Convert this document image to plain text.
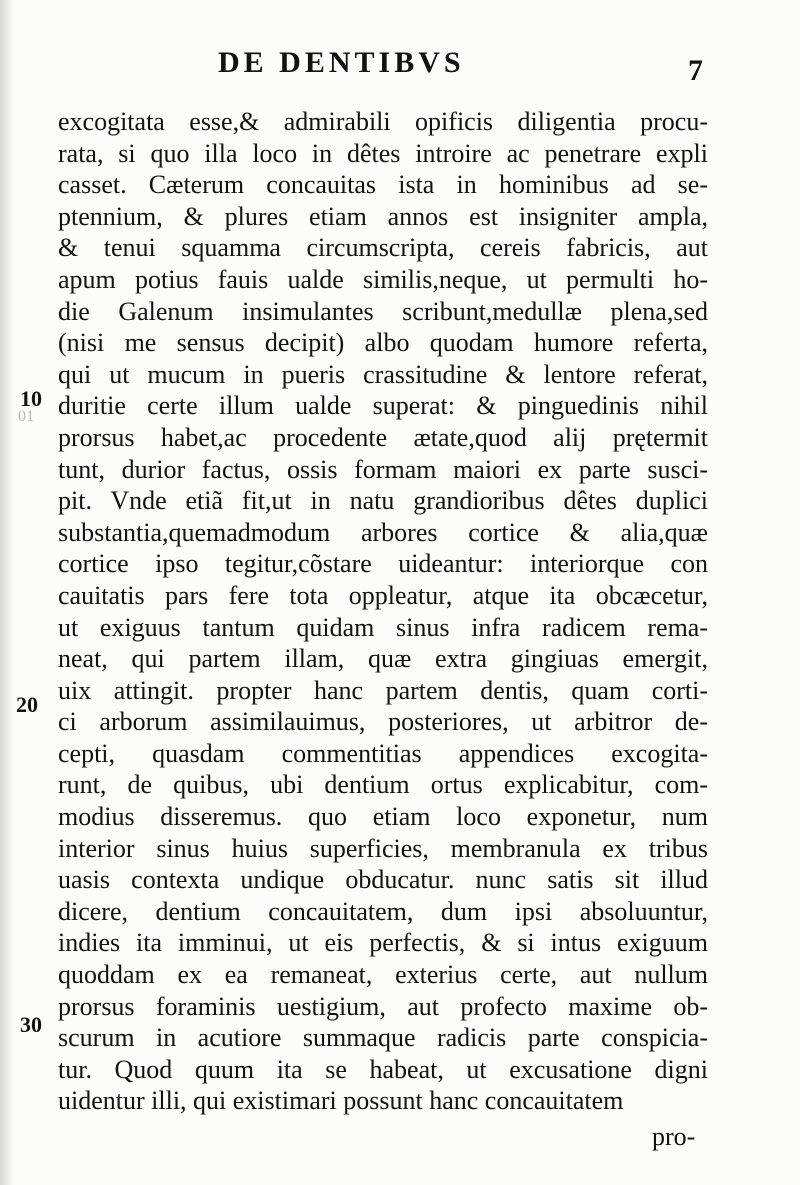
DE DENTIBVS	7
10
01
20
30
excogitata esse,& admirabili opificis diligentia procu-
rata, si quo illa loco in dêtes introire ac penetrare expli
casset. Cæterum concauitas ista in hominibus ad se-
ptennium, & plures etiam annos est insigniter ampla,
& tenui squamma circumscripta, cereis fabricis, aut
apum potius fauis ualde similis,neque, ut permulti ho-
die Galenum insimulantes scribunt,medullæ plena,sed
(nisi me sensus decipit) albo quodam humore referta,
qui ut mucum in pueris crassitudine & lentore referat,
duritie certe illum ualde superat: & pinguedinis nihil
prorsus habet,ac procedente ætate,quod alij prętermit
tunt, durior factus, ossis formam maiori ex parte susci-
pit. Vnde etiã fit,ut in natu grandioribus dêtes duplici
substantia,quemadmodum arbores cortice & alia,quæ
cortice ipso tegitur,cõstare uideantur: interiorque con
cauitatis pars fere tota oppleatur, atque ita obcæcetur,
ut exiguus tantum quidam sinus infra radicem rema-
neat, qui partem illam, quæ extra gingiuas emergit,
uix attingit. propter hanc partem dentis, quam corti-
ci arborum assimilauimus, posteriores, ut arbitror de-
cepti, quasdam commentitias appendices excogita-
runt, de quibus, ubi dentium ortus explicabitur, com-
modius disseremus. quo etiam loco exponetur, num
interior sinus huius superficies, membranula ex tribus
uasis contexta undique obducatur. nunc satis sit illud
dicere, dentium concauitatem, dum ipsi absoluuntur,
indies ita imminui, ut eis perfectis, & si intus exiguum
quoddam ex ea remaneat, exterius certe, aut nullum
prorsus foraminis uestigium, aut profecto maxime ob-
scurum in acutiore summaque radicis parte conspicia-
tur. Quod quum ita se habeat, ut excusatione digni
uidentur illi, qui existimari possunt hanc concauitatem
pro-
